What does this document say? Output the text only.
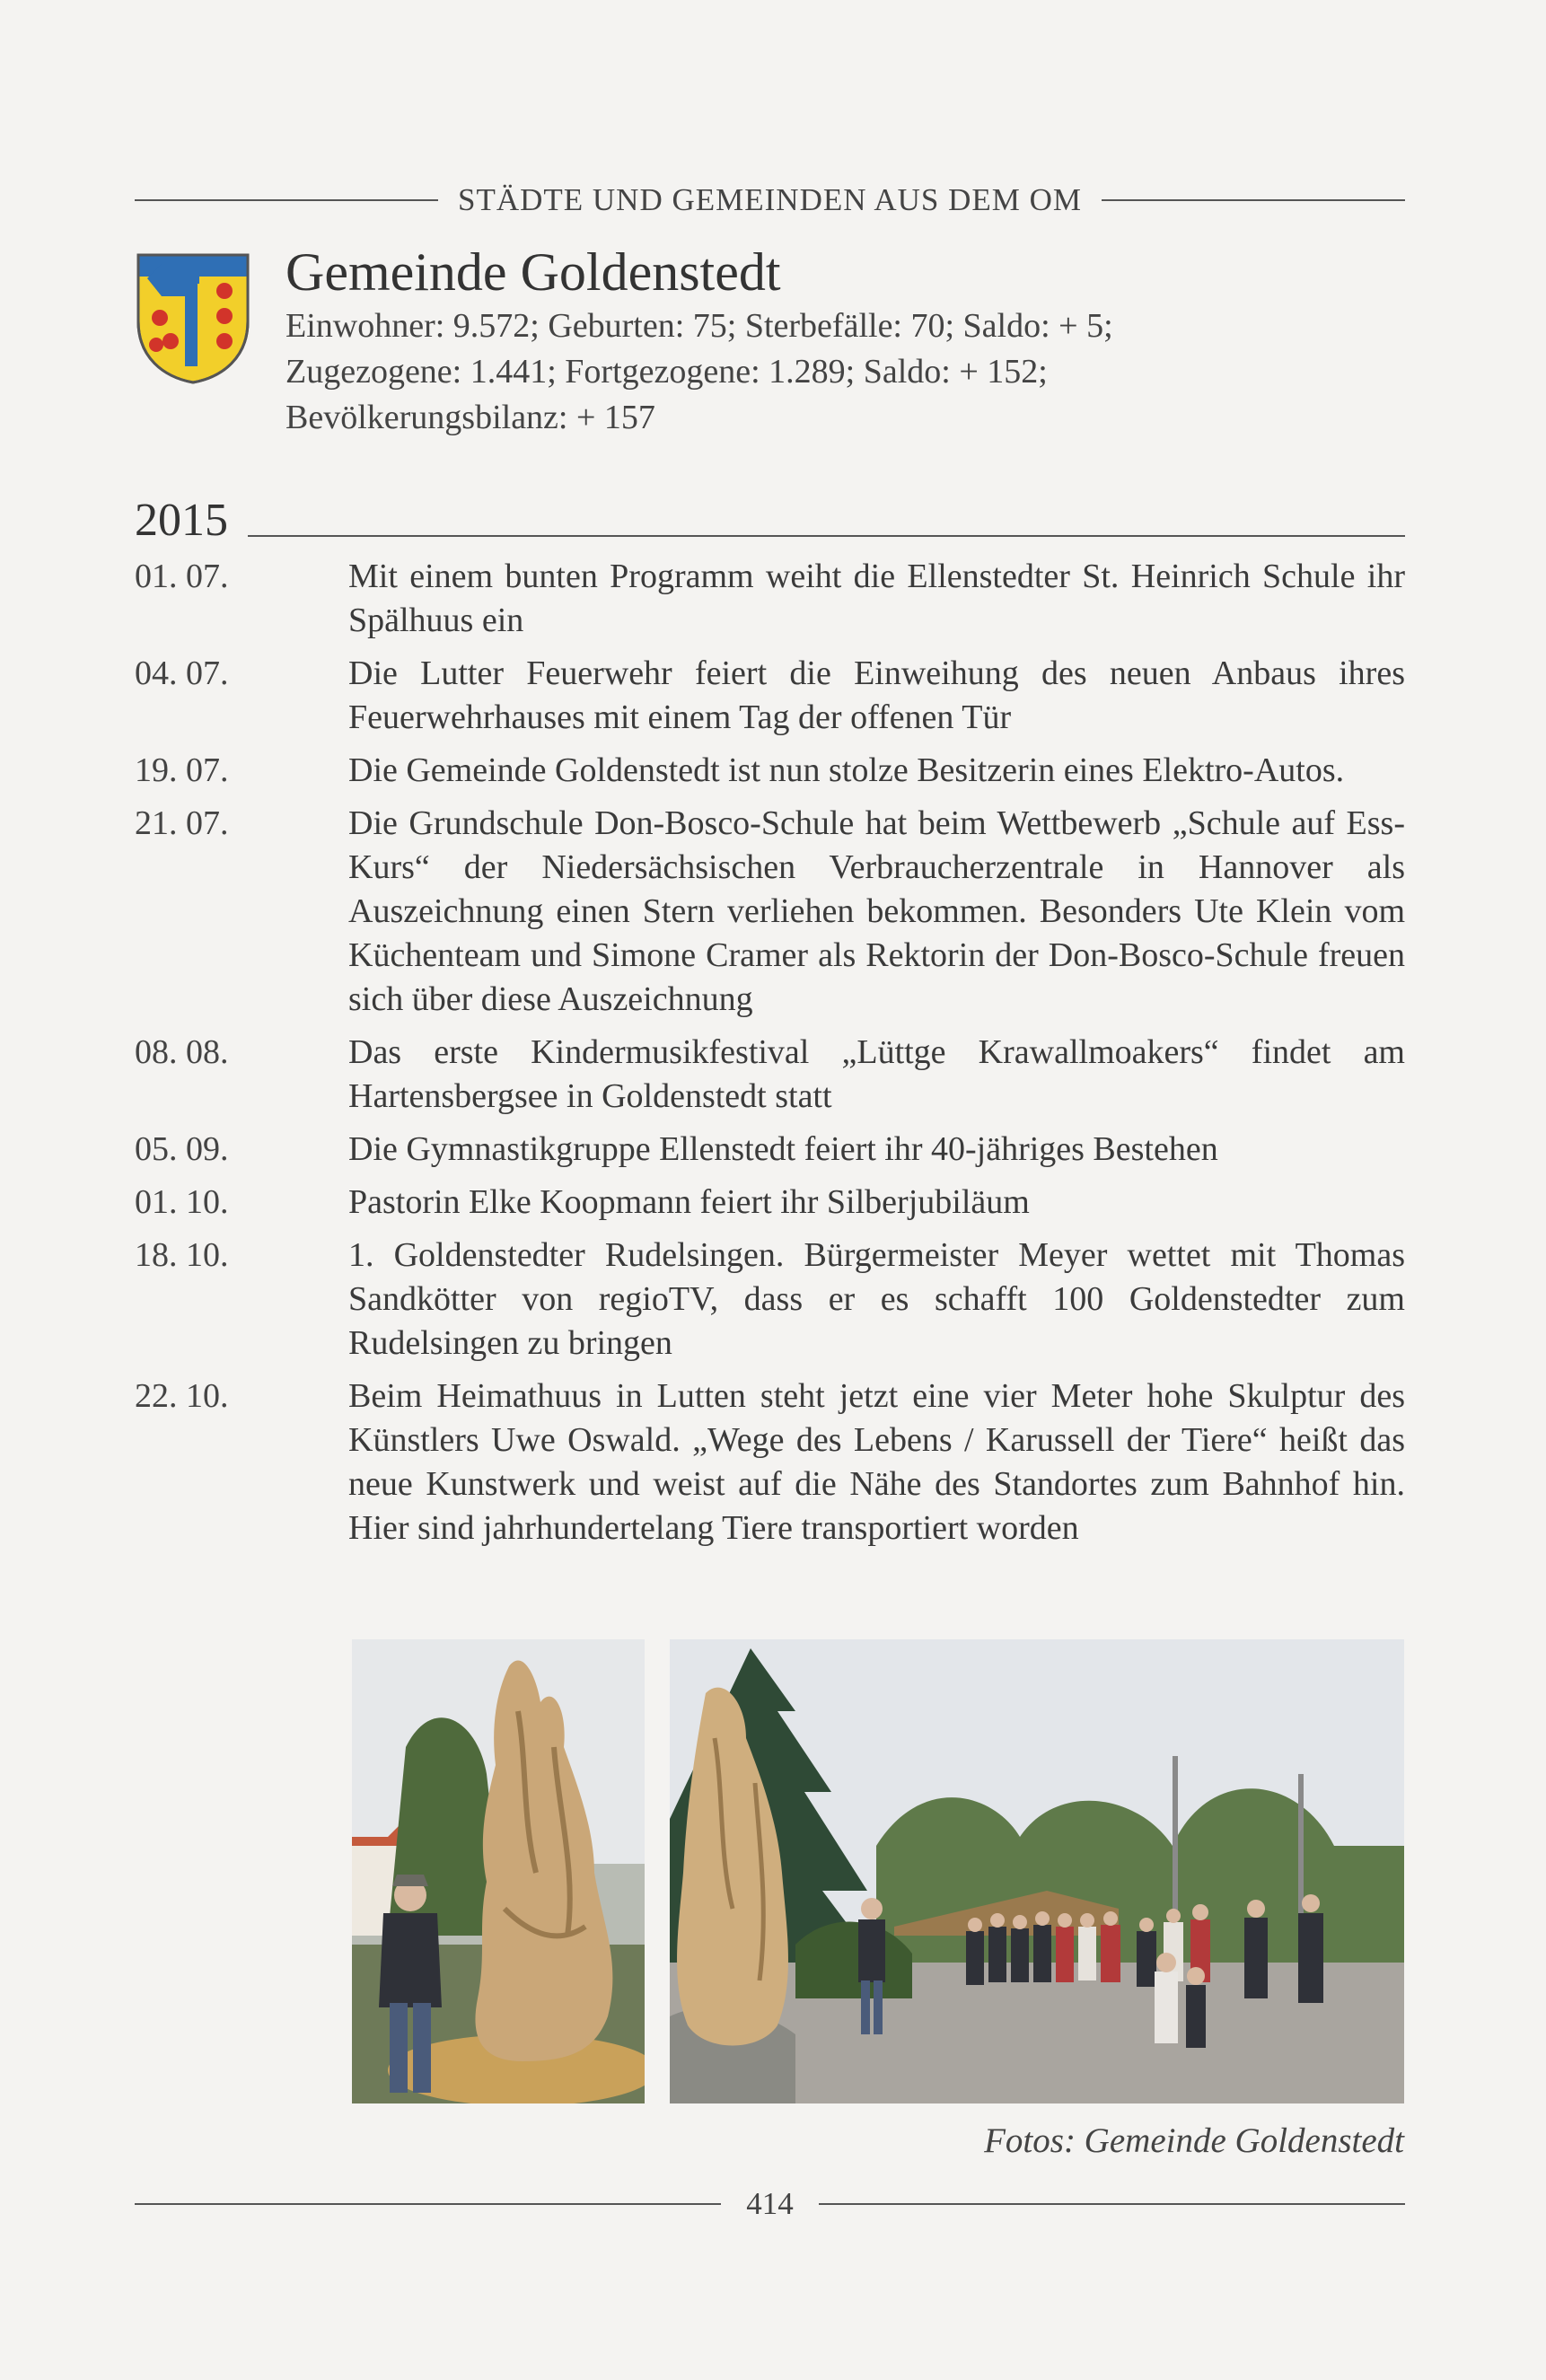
STÄDTE UND GEMEINDEN AUS DEM OM
Gemeinde Goldenstedt
Einwohner: 9.572; Geburten: 75; Sterbefälle: 70; Saldo: + 5;
Zugezogene: 1.441; Fortgezogene: 1.289; Saldo: + 152;
Bevölkerungsbilanz: + 157
2015
01. 07.	Mit einem bunten Programm weiht die Ellenstedter St. Heinrich Schule ihr Spälhuus ein
04. 07.	Die Lutter Feuerwehr feiert die Einweihung des neuen Anbaus ihres Feuerwehrhauses mit einem Tag der offenen Tür
19. 07.	Die Gemeinde Goldenstedt ist nun stolze Besitzerin eines Elektro-Autos.
21. 07.	Die Grundschule Don-Bosco-Schule hat beim Wettbewerb „Schule auf Ess-Kurs“ der Niedersächsischen Verbraucherzentrale in Hannover als Auszeichnung einen Stern verliehen bekommen. Besonders Ute Klein vom Küchenteam und Simone Cramer als Rektorin der Don-Bosco-Schule freuen sich über diese Auszeichnung
08. 08.	Das erste Kindermusikfestival „Lüttge Krawallmoakers“ findet am Hartensbergsee in Goldenstedt statt
05. 09.	Die Gymnastikgruppe Ellenstedt feiert ihr 40-jähriges Bestehen
01. 10.	Pastorin Elke Koopmann feiert ihr Silberjubiläum
18. 10.	1. Goldenstedter Rudelsingen. Bürgermeister Meyer wettet mit Thomas Sandkötter von regioTV, dass er es schafft 100 Goldenstedter zum Rudelsingen zu bringen
22. 10.	Beim Heimathuus in Lutten steht jetzt eine vier Meter hohe Skulptur des Künstlers Uwe Oswald. „Wege des Lebens / Karussell der Tiere“ heißt das neue Kunstwerk und weist auf die Nähe des Standortes zum Bahnhof hin. Hier sind jahrhundertelang Tiere transportiert worden
Fotos: Gemeinde Goldenstedt
414
